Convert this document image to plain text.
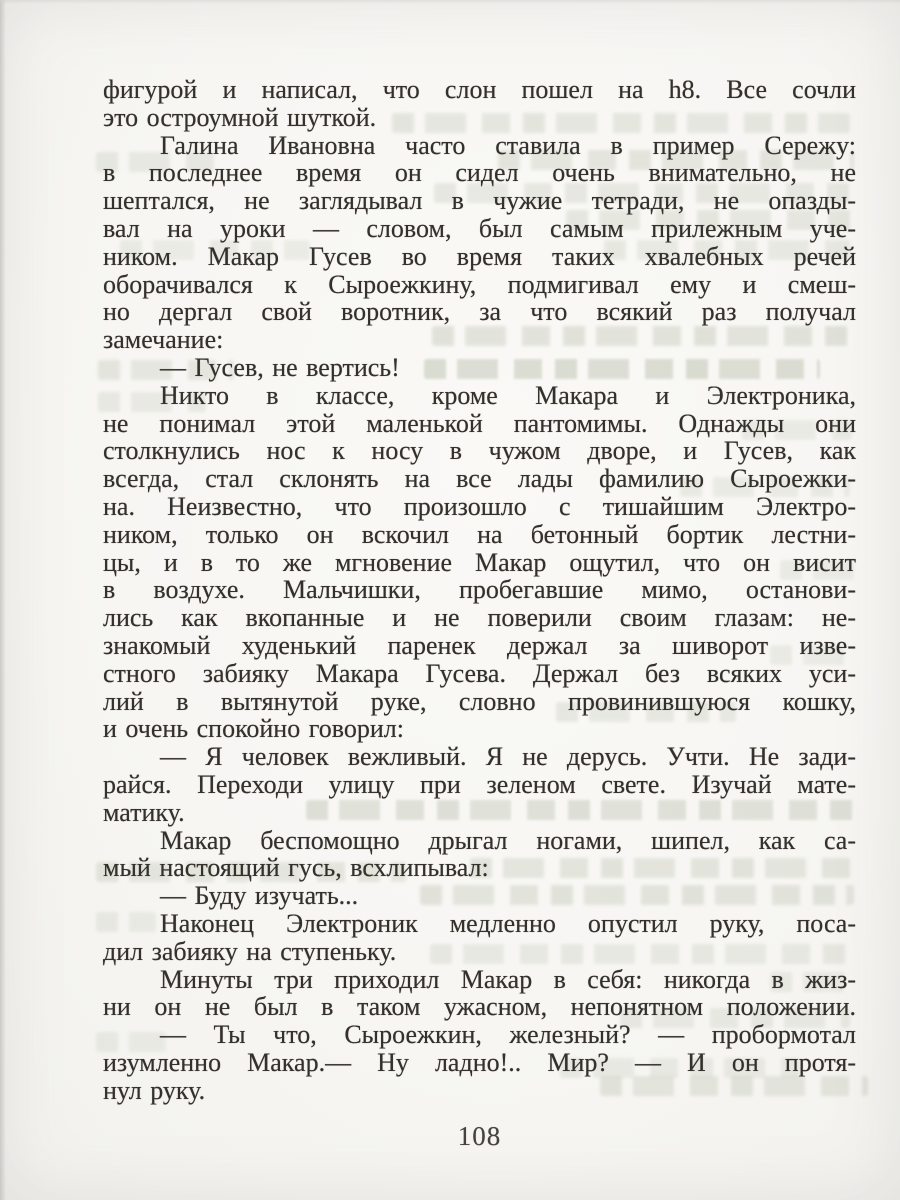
фигурой и написал, что слон пошел на h8. Все сочли
это остроумной шуткой.
Галина Ивановна часто ставила в пример Сережу:
в последнее время он сидел очень внимательно, не
шептался, не заглядывал в чужие тетради, не опазды-
вал на уроки — словом, был самым прилежным уче-
ником. Макар Гусев во время таких хвалебных речей
оборачивался к Сыроежкину, подмигивал ему и смеш-
но дергал свой воротник, за что всякий раз получал
замечание:
— Гусев, не вертись!
Никто в классе, кроме Макара и Электроника,
не понимал этой маленькой пантомимы. Однажды они
столкнулись нос к носу в чужом дворе, и Гусев, как
всегда, стал склонять на все лады фамилию Сыроежки-
на. Неизвестно, что произошло с тишайшим Электро-
ником, только он вскочил на бетонный бортик лестни-
цы, и в то же мгновение Макар ощутил, что он висит
в воздухе. Мальчишки, пробегавшие мимо, останови-
лись как вкопанные и не поверили своим глазам: не-
знакомый худенький паренек держал за шиворот изве-
стного забияку Макара Гусева. Держал без всяких уси-
лий в вытянутой руке, словно провинившуюся кошку,
и очень спокойно говорил:
— Я человек вежливый. Я не дерусь. Учти. Не зади-
райся. Переходи улицу при зеленом свете. Изучай мате-
матику.
Макар беспомощно дрыгал ногами, шипел, как са-
мый настоящий гусь, всхлипывал:
— Буду изучать...
Наконец Электроник медленно опустил руку, поса-
дил забияку на ступеньку.
Минуты три приходил Макар в себя: никогда в жиз-
ни он не был в таком ужасном, непонятном положении.
— Ты что, Сыроежкин, железный? — пробормотал
изумленно Макар.— Ну ладно!.. Мир? — И он протя-
нул руку.
108
